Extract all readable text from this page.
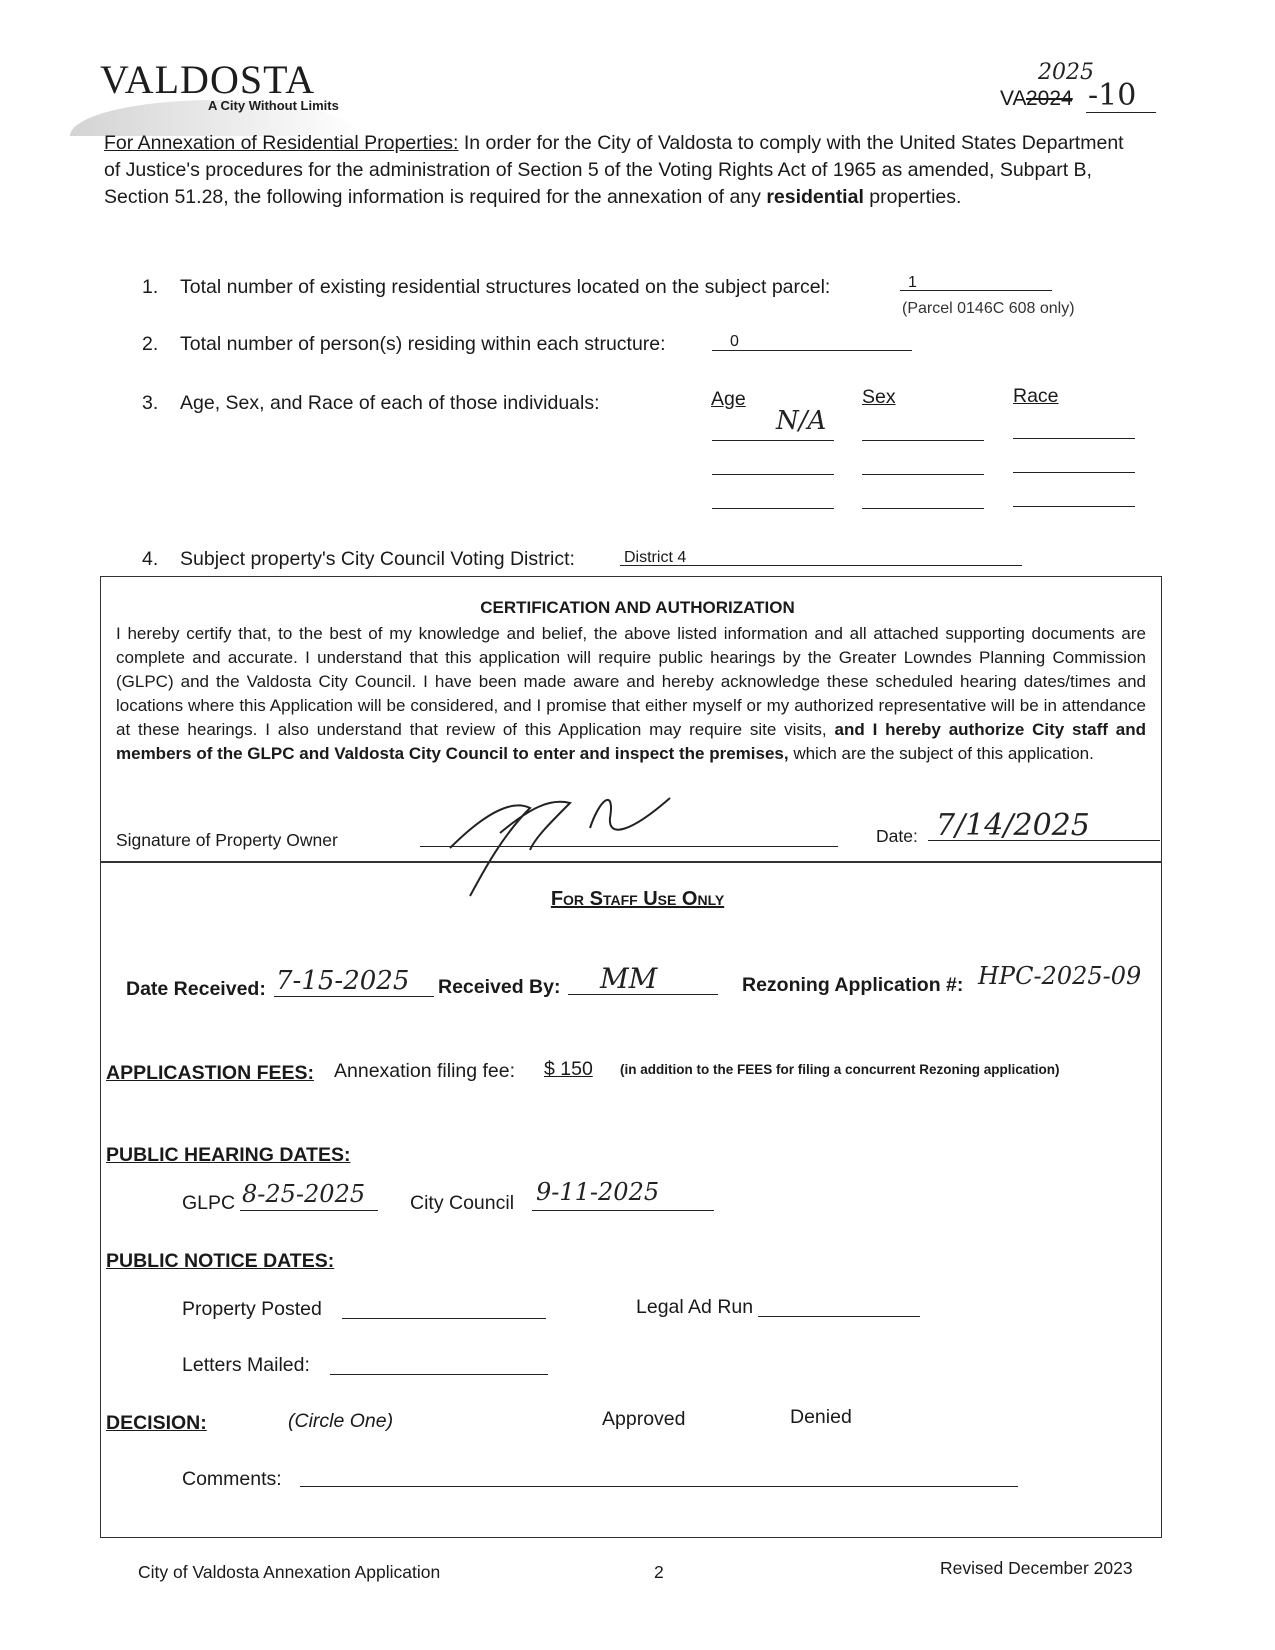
VALDOSTA
A City Without Limits
2025
VA 2024 -10
For Annexation of Residential Properties: In order for the City of Valdosta to comply with the United States Department of Justice's procedures for the administration of Section 5 of the Voting Rights Act of 1965 as amended, Subpart B, Section 51.28, the following information is required for the annexation of any residential properties.
1. Total number of existing residential structures located on the subject parcel:	1
(Parcel 0146C 608 only)
2. Total number of person(s) residing within each structure:	0
3. Age, Sex, and Race of each of those individuals:	Age	Sex	Race
N/A
4. Subject property's City Council Voting District:	District 4
CERTIFICATION AND AUTHORIZATION
I hereby certify that, to the best of my knowledge and belief, the above listed information and all attached supporting documents are complete and accurate. I understand that this application will require public hearings by the Greater Lowndes Planning Commission (GLPC) and the Valdosta City Council. I have been made aware and hereby acknowledge these scheduled hearing dates/times and locations where this Application will be considered, and I promise that either myself or my authorized representative will be in attendance at these hearings. I also understand that review of this Application may require site visits, and I hereby authorize City staff and members of the GLPC and Valdosta City Council to enter and inspect the premises, which are the subject of this application.
Signature of Property Owner	Date: 7/14/2025
For Staff Use Only
Date Received: 7-15-2025 Received By: MM	Rezoning Application #: HPC-2025-09
APPLICASTION FEES: Annexation filing fee: $ 150 (in addition to the FEES for filing a concurrent Rezoning application)
PUBLIC HEARING DATES:
GLPC 8-25-2025 City Council 9-11-2025
PUBLIC NOTICE DATES:
Property Posted	Legal Ad Run
Letters Mailed:
DECISION:	(Circle One)	Approved	Denied
Comments:
City of Valdosta Annexation Application	2	Revised December 2023
